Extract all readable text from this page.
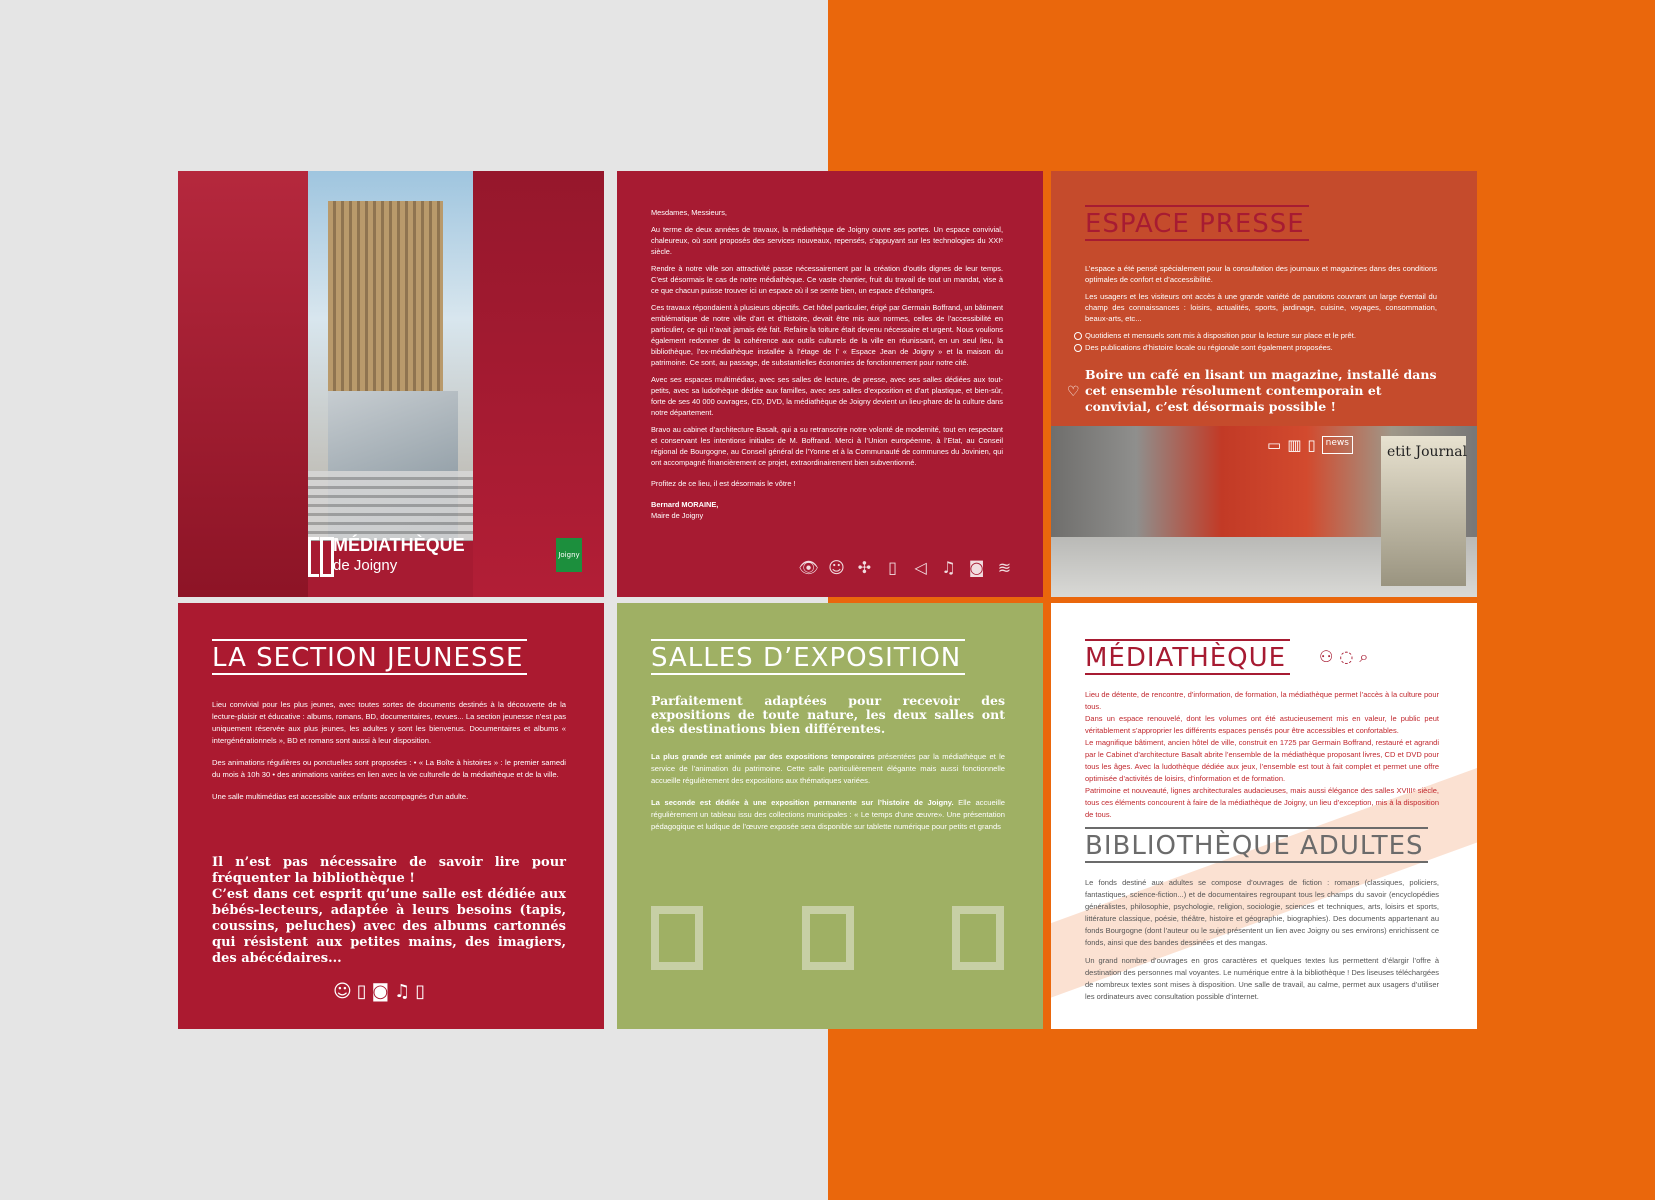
MÉDIATHÈQUE
de Joigny
Joigny

Mesdames, Messieurs,

Au terme de deux années de travaux, la médiathèque de Joigny ouvre ses portes. Un espace convivial, chaleureux, où sont proposés des services nouveaux, repensés, s’appuyant sur les technologies du XXIᵉ siècle.

Rendre à notre ville son attractivité passe nécessairement par la création d’outils dignes de leur temps. C’est désormais le cas de notre médiathèque. Ce vaste chantier, fruit du travail de tout un mandat, vise à ce que chacun puisse trouver ici un espace où il se sente bien, un espace d’échanges.

Ces travaux répondaient à plusieurs objectifs. Cet hôtel particulier, érigé par Germain Boffrand, un bâtiment emblématique de notre ville d’art et d’histoire, devait être mis aux normes, celles de l’accessibilité en particulier, ce qui n’avait jamais été fait. Refaire la toiture était devenu nécessaire et urgent. Nous voulions également redonner de la cohérence aux outils culturels de la ville en réunissant, en un seul lieu, la bibliothèque, l’ex-médiathèque installée à l’étage de l’ « Espace Jean de Joigny » et la maison du patrimoine. Ce sont, au passage, de substantielles économies de fonctionnement pour notre cité.

Avec ses espaces multimédias, avec ses salles de lecture, de presse, avec ses salles dédiées aux tout-petits, avec sa ludothèque dédiée aux familles, avec ses salles d’exposition et d’art plastique, et bien-sûr, forte de ses 40 000 ouvrages, CD, DVD, la médiathèque de Joigny devient un lieu-phare de la culture dans notre département.

Bravo au cabinet d’architecture Basalt, qui a su retranscrire notre volonté de modernité, tout en respectant et conservant les intentions initiales de M. Boffrand. Merci à l’Union européenne, à l’Etat, au Conseil régional de Bourgogne, au Conseil général de l’Yonne et à la Communauté de communes du Jovinien, qui ont accompagné financièrement ce projet, extraordinairement bien subventionné.

Profitez de ce lieu, il est désormais le vôtre !

Bernard MORAINE,

Maire de Joigny

👁 ☺ ✣	▯	◁ ♫ ◙ ≋
ESPACE PRESSE

L’espace a été pensé spécialement pour la consultation des journaux et magazines dans des conditions optimales de confort et d’accessibilité.

Les usagers et les visiteurs ont accès à une grande variété de parutions couvrant un large éventail du champ des connaissances : loisirs, actualités, sports, jardinage, cuisine, voyages, consommation, beaux-arts, etc...

Quotidiens et mensuels sont mis à disposition pour la lecture sur place et le prêt.
Des publications d’histoire locale ou régionale sont également proposées.
♡
Boire un café en lisant un magazine, installé dans cet ensemble résolument contemporain et convivial, c’est désormais possible !
etit Journal
▭ ▥ ▯	news
LA SECTION JEUNESSE

Lieu convivial pour les plus jeunes, avec toutes sortes de documents destinés à la découverte de la lecture-plaisir et éducative : albums, romans, BD, documentaires, revues... La section jeunesse n’est pas uniquement réservée aux plus jeunes, les adultes y sont les bienvenus. Documentaires et albums « intergénérationnels », BD et romans sont aussi à leur disposition.

Des animations régulières ou ponctuelles sont proposées : • « La Boîte à histoires » : le premier samedi du mois à 10h 30 • des animations variées en lien avec la vie culturelle de la médiathèque et de la ville.

Une salle multimédias est accessible aux enfants accompagnés d’un adulte.

Il n’est pas nécessaire de savoir lire pour fréquenter la bibliothèque !

C’est dans cet esprit qu’une salle est dédiée aux bébés-lecteurs, adaptée à leurs besoins (tapis, coussins, peluches) avec des albums cartonnés qui résistent aux petites mains, des imagiers, des abécédaires...

☺ ▯ ◙ ♫ ▯
SALLES D’EXPOSITION
Parfaitement adaptées pour recevoir des expositions de toute nature, les deux salles ont des destinations bien différentes.

La plus grande est animée par des expositions temporaires présentées par la médiathèque et le service de l’animation du patrimoine. Cette salle particulièrement élégante mais aussi fonctionnelle accueille régulièrement des expositions aux thématiques variées.

La seconde est dédiée à une exposition permanente sur l’histoire de Joigny. Elle accueille régulièrement un tableau issu des collections municipales : « Le temps d’une œuvre». Une présentation pédagogique et ludique de l’œuvre exposée sera disponible sur tablette numérique pour petits et grands

MÉDIATHÈQUE ⚇ ◌ ⌕

Lieu de détente, de rencontre, d’information, de formation, la médiathèque permet l’accès à la culture pour tous.

Dans un espace renouvelé, dont les volumes ont été astucieusement mis en valeur, le public peut véritablement s’approprier les différents espaces pensés pour être accessibles et confortables.

Le magnifique bâtiment, ancien hôtel de ville, construit en 1725 par Germain Boffrand, restauré et agrandi par le Cabinet d’architecture Basalt abrite l’ensemble de la médiathèque proposant livres, CD et DVD pour tous les âges. Avec la ludothèque dédiée aux jeux, l’ensemble est tout à fait complet et permet une offre optimisée d’activités de loisirs, d’information et de formation.

Patrimoine et nouveauté, lignes architecturales audacieuses, mais aussi élégance des salles XVIIIᵉ siècle, tous ces éléments concourent à faire de la médiathèque de Joigny, un lieu d’exception, mis à la disposition de tous.

BIBLIOTHÈQUE ADULTES

Le fonds destiné aux adultes se compose d’ouvrages de fiction : romans (classiques, policiers, fantastiques, science-fiction...) et de documentaires regroupant tous les champs du savoir (encyclopédies généralistes, philosophie, psychologie, religion, sociologie, sciences et techniques, arts, loisirs et sports, littérature classique, poésie, théâtre, histoire et géographie, biographies). Des documents appartenant au fonds Bourgogne (dont l’auteur ou le sujet présentent un lien avec Joigny ou ses environs) enrichissent ce fonds, ainsi que des bandes dessinées et des mangas.

Un grand nombre d’ouvrages en gros caractères et quelques textes lus permettent d’élargir l’offre à destination des personnes mal voyantes. Le numérique entre à la bibliothèque ! Des liseuses téléchargées de nombreux textes sont mises à disposition. Une salle de travail, au calme, permet aux usagers d’utiliser les ordinateurs avec consultation possible d’internet.
